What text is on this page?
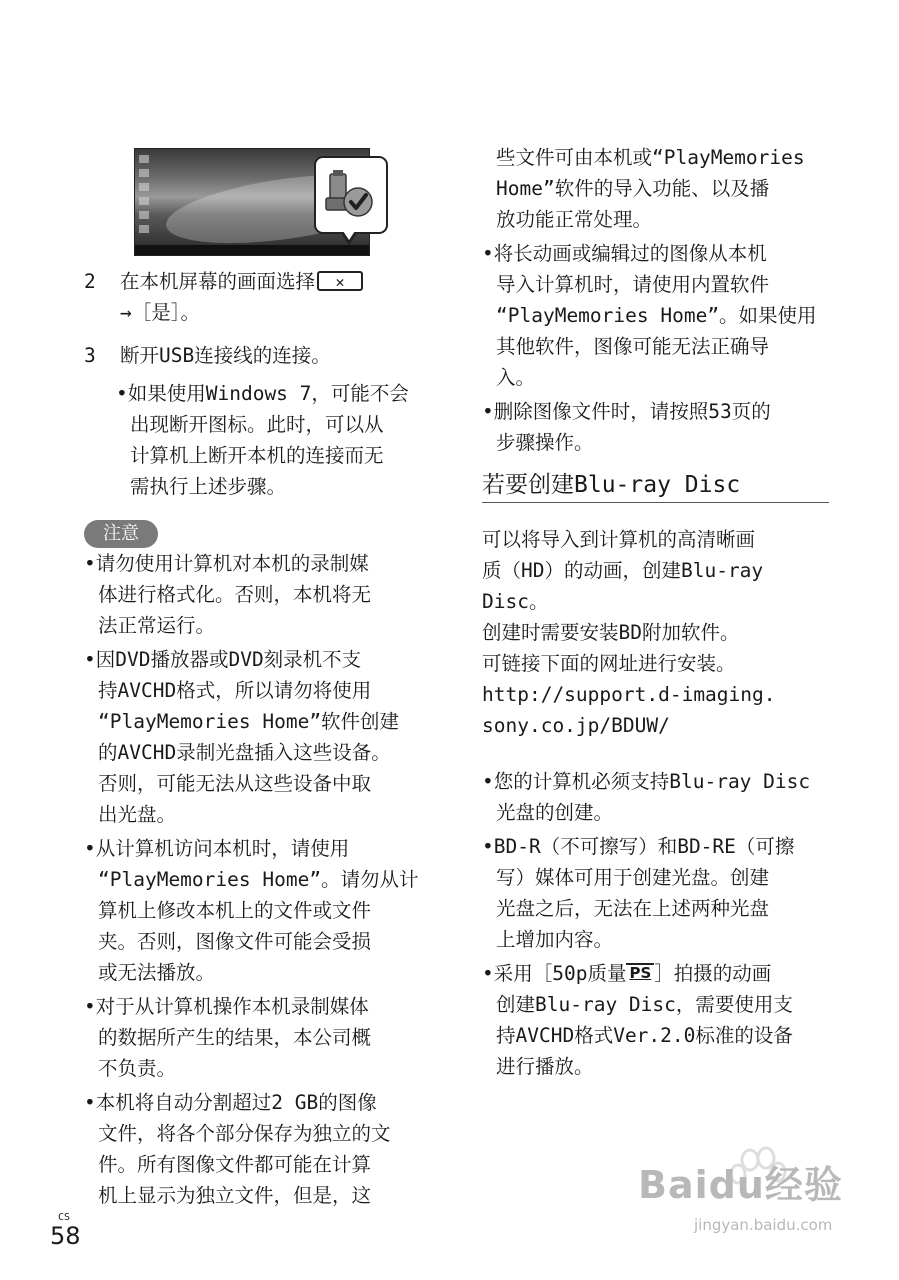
2 在本机屏幕的画面选择 ✕
→［是］。
3 断开USB连接线的连接。
•如果使用Windows 7，可能不会
出现断开图标。此时，可以从
计算机上断开本机的连接而无
需执行上述步骤。
注意
•请勿使用计算机对本机的录制媒
体进行格式化。否则，本机将无
法正常运行。
•因DVD播放器或DVD刻录机不支
持AVCHD格式，所以请勿将使用
“PlayMemories Home”软件创建
的AVCHD录制光盘插入这些设备。
否则，可能无法从这些设备中取
出光盘。
•从计算机访问本机时，请使用
“PlayMemories Home”。请勿从计
算机上修改本机上的文件或文件
夹。否则，图像文件可能会受损
或无法播放。
•对于从计算机操作本机录制媒体
的数据所产生的结果，本公司概
不负责。
•本机将自动分割超过2 GB的图像
文件，将各个部分保存为独立的文
件。所有图像文件都可能在计算
机上显示为独立文件，但是，这
些文件可由本机或“PlayMemories
Home”软件的导入功能、以及播
放功能正常处理。
•将长动画或编辑过的图像从本机
导入计算机时，请使用内置软件
“PlayMemories Home”。如果使用
其他软件，图像可能无法正确导
入。
•删除图像文件时，请按照53页的
步骤操作。
若要创建Blu-ray Disc
可以将导入到计算机的高清晰画
质（HD）的动画，创建Blu-ray
Disc。
创建时需要安装BD附加软件。
可链接下面的网址进行安装。
http://support.d-imaging.
sony.co.jp/BDUW/
•您的计算机必须支持Blu-ray Disc
光盘的创建。
•BD-R（不可擦写）和BD-RE（可擦
写）媒体可用于创建光盘。创建
光盘之后，无法在上述两种光盘
上增加内容。
•采用［50p质量 PS ］拍摄的动画
创建Blu-ray Disc，需要使用支
持AVCHD格式Ver.2.0标准的设备
进行播放。
CS
58
Baidu经验
jingyan.baidu.com
